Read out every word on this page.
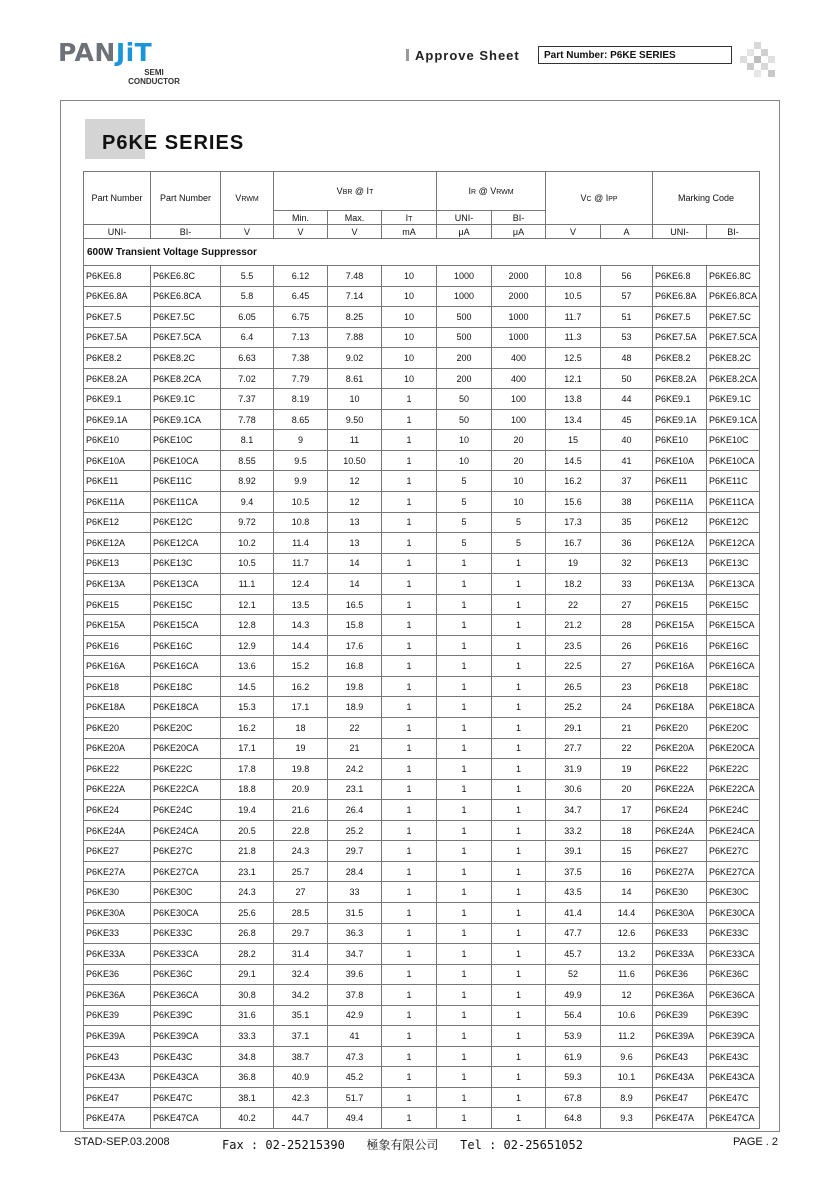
PANJiT
SEMI
CONDUCTOR
Approve Sheet	Part Number: P6KE SERIES
P6KE SERIES
Part Number	Part Number	VRWM	VBR @ IT			IR @ VRWM		VC @ IPP		Marking Code	
			Min.	Max.	IT	UNI-	BI-				
UNI-	BI-	V	V	V	mA	μA	μA	V	A	UNI-	BI-
600W Transient Voltage Suppressor											
P6KE6.8	P6KE6.8C	5.5	6.12	7.48	10	1000	2000	10.8	56	P6KE6.8	P6KE6.8C
P6KE6.8A	P6KE6.8CA	5.8	6.45	7.14	10	1000	2000	10.5	57	P6KE6.8A	P6KE6.8CA
P6KE7.5	P6KE7.5C	6.05	6.75	8.25	10	500	1000	11.7	51	P6KE7.5	P6KE7.5C
P6KE7.5A	P6KE7.5CA	6.4	7.13	7.88	10	500	1000	11.3	53	P6KE7.5A	P6KE7.5CA
P6KE8.2	P6KE8.2C	6.63	7.38	9.02	10	200	400	12.5	48	P6KE8.2	P6KE8.2C
P6KE8.2A	P6KE8.2CA	7.02	7.79	8.61	10	200	400	12.1	50	P6KE8.2A	P6KE8.2CA
P6KE9.1	P6KE9.1C	7.37	8.19	10	1	50	100	13.8	44	P6KE9.1	P6KE9.1C
P6KE9.1A	P6KE9.1CA	7.78	8.65	9.50	1	50	100	13.4	45	P6KE9.1A	P6KE9.1CA
P6KE10	P6KE10C	8.1	9	11	1	10	20	15	40	P6KE10	P6KE10C
P6KE10A	P6KE10CA	8.55	9.5	10.50	1	10	20	14.5	41	P6KE10A	P6KE10CA
P6KE11	P6KE11C	8.92	9.9	12	1	5	10	16.2	37	P6KE11	P6KE11C
P6KE11A	P6KE11CA	9.4	10.5	12	1	5	10	15.6	38	P6KE11A	P6KE11CA
P6KE12	P6KE12C	9.72	10.8	13	1	5	5	17.3	35	P6KE12	P6KE12C
P6KE12A	P6KE12CA	10.2	11.4	13	1	5	5	16.7	36	P6KE12A	P6KE12CA
P6KE13	P6KE13C	10.5	11.7	14	1	1	1	19	32	P6KE13	P6KE13C
P6KE13A	P6KE13CA	11.1	12.4	14	1	1	1	18.2	33	P6KE13A	P6KE13CA
P6KE15	P6KE15C	12.1	13.5	16.5	1	1	1	22	27	P6KE15	P6KE15C
P6KE15A	P6KE15CA	12.8	14.3	15.8	1	1	1	21.2	28	P6KE15A	P6KE15CA
P6KE16	P6KE16C	12.9	14.4	17.6	1	1	1	23.5	26	P6KE16	P6KE16C
P6KE16A	P6KE16CA	13.6	15.2	16.8	1	1	1	22.5	27	P6KE16A	P6KE16CA
P6KE18	P6KE18C	14.5	16.2	19.8	1	1	1	26.5	23	P6KE18	P6KE18C
P6KE18A	P6KE18CA	15.3	17.1	18.9	1	1	1	25.2	24	P6KE18A	P6KE18CA
P6KE20	P6KE20C	16.2	18	22	1	1	1	29.1	21	P6KE20	P6KE20C
P6KE20A	P6KE20CA	17.1	19	21	1	1	1	27.7	22	P6KE20A	P6KE20CA
P6KE22	P6KE22C	17.8	19.8	24.2	1	1	1	31.9	19	P6KE22	P6KE22C
P6KE22A	P6KE22CA	18.8	20.9	23.1	1	1	1	30.6	20	P6KE22A	P6KE22CA
P6KE24	P6KE24C	19.4	21.6	26.4	1	1	1	34.7	17	P6KE24	P6KE24C
P6KE24A	P6KE24CA	20.5	22.8	25.2	1	1	1	33.2	18	P6KE24A	P6KE24CA
P6KE27	P6KE27C	21.8	24.3	29.7	1	1	1	39.1	15	P6KE27	P6KE27C
P6KE27A	P6KE27CA	23.1	25.7	28.4	1	1	1	37.5	16	P6KE27A	P6KE27CA
P6KE30	P6KE30C	24.3	27	33	1	1	1	43.5	14	P6KE30	P6KE30C
P6KE30A	P6KE30CA	25.6	28.5	31.5	1	1	1	41.4	14.4	P6KE30A	P6KE30CA
P6KE33	P6KE33C	26.8	29.7	36.3	1	1	1	47.7	12.6	P6KE33	P6KE33C
P6KE33A	P6KE33CA	28.2	31.4	34.7	1	1	1	45.7	13.2	P6KE33A	P6KE33CA
P6KE36	P6KE36C	29.1	32.4	39.6	1	1	1	52	11.6	P6KE36	P6KE36C
P6KE36A	P6KE36CA	30.8	34.2	37.8	1	1	1	49.9	12	P6KE36A	P6KE36CA
P6KE39	P6KE39C	31.6	35.1	42.9	1	1	1	56.4	10.6	P6KE39	P6KE39C
P6KE39A	P6KE39CA	33.3	37.1	41	1	1	1	53.9	11.2	P6KE39A	P6KE39CA
P6KE43	P6KE43C	34.8	38.7	47.3	1	1	1	61.9	9.6	P6KE43	P6KE43C
P6KE43A	P6KE43CA	36.8	40.9	45.2	1	1	1	59.3	10.1	P6KE43A	P6KE43CA
P6KE47	P6KE47C	38.1	42.3	51.7	1	1	1	67.8	8.9	P6KE47	P6KE47C
P6KE47A	P6KE47CA	40.2	44.7	49.4	1	1	1	64.8	9.3	P6KE47A	P6KE47CA
STAD-SEP.03.2008	Fax : 02-25215390   極象有限公司   Tel : 02-25651052	PAGE . 2
